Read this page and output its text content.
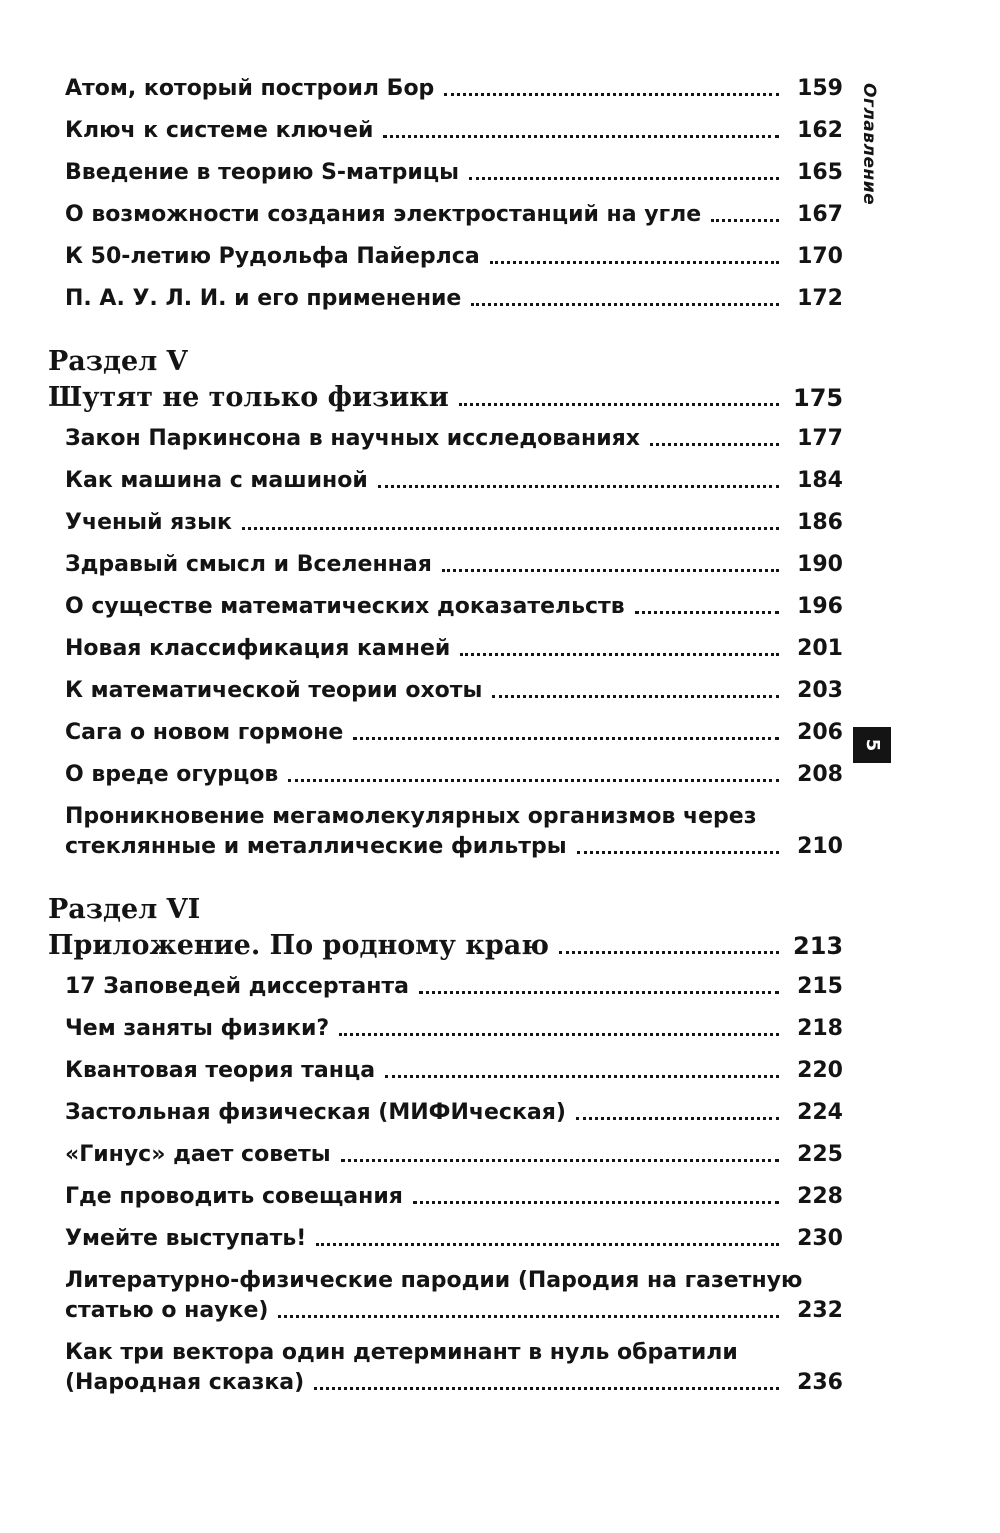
Оглавление
5
Атом, который построил Бор	159
Ключ к системе ключей	162
Введение в теорию S-матрицы	165
О возможности создания электростанций на угле	167
К 50-летию Рудольфа Пайерлса	170
П. А. У. Л. И. и его применение	172
Раздел V
Шутят не только физики	175
Закон Паркинсона в научных исследованиях	177
Как машина с машиной	184
Ученый язык	186
Здравый смысл и Вселенная	190
О существе математических доказательств	196
Новая классификация камней	201
К математической теории охоты	203
Сага о новом гормоне	206
О вреде огурцов	208
Проникновение мегамолекулярных организмов через
стеклянные и металлические фильтры	210
Раздел VI
Приложение. По родному краю	213
17 Заповедей диссертанта	215
Чем заняты физики?	218
Квантовая теория танца	220
Застольная физическая (МИФИческая)	224
«Гинус» дает советы	225
Где проводить совещания	228
Умейте выступать!	230
Литературно-физические пародии (Пародия на газетную
статью о науке)	232
Как три вектора один детерминант в нуль обратили
(Народная сказка)	236
